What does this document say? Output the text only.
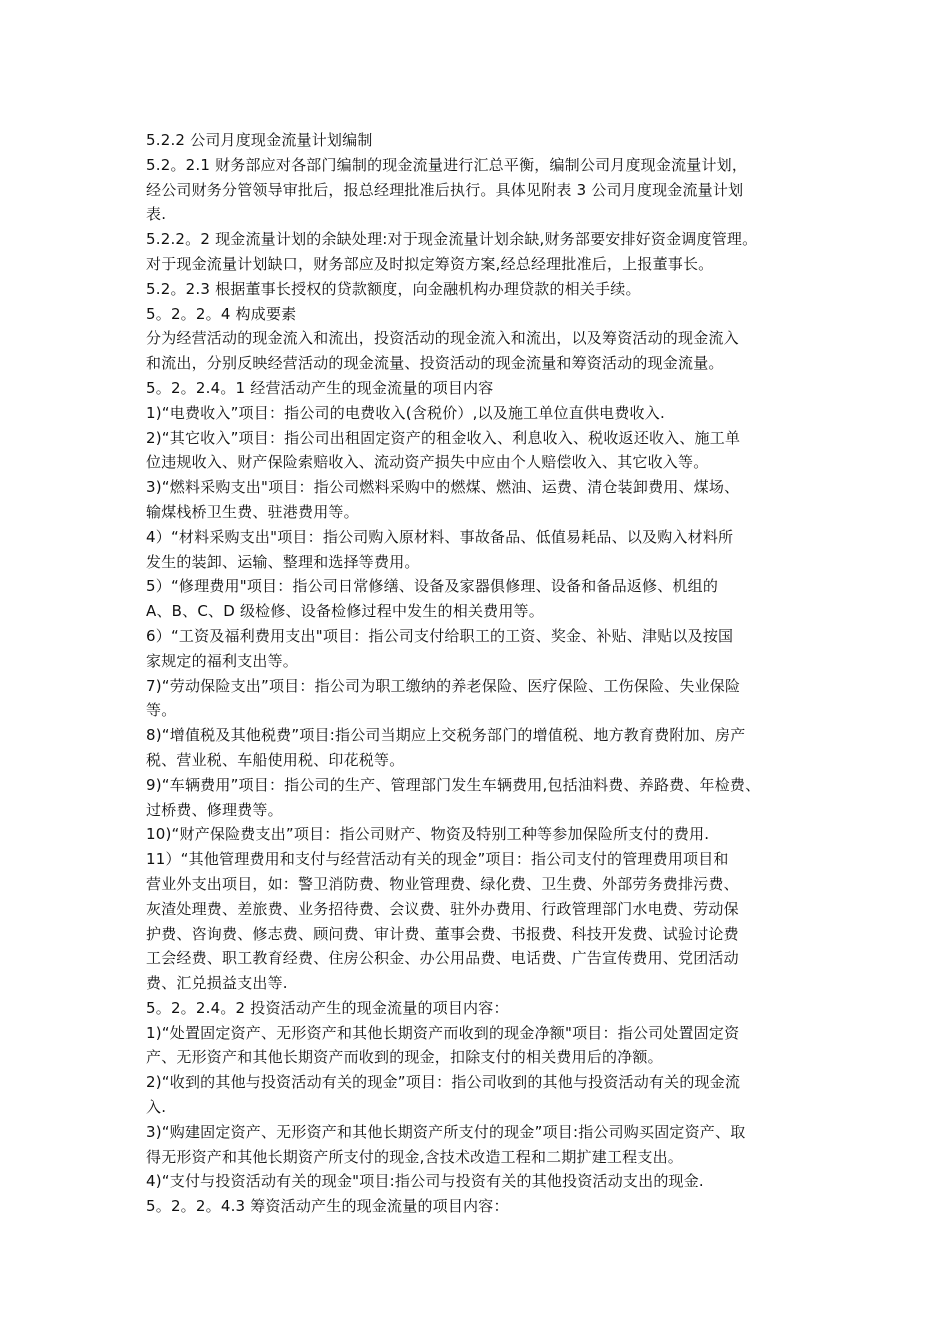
5.2.2 公司月度现金流量计划编制
5.2。2.1 财务部应对各部门编制的现金流量进行汇总平衡，编制公司月度现金流量计划，
经公司财务分管领导审批后，报总经理批准后执行。具体见附表 3 公司月度现金流量计划
表.
5.2.2。2 现金流量计划的余缺处理:对于现金流量计划余缺,财务部要安排好资金调度管理。
对于现金流量计划缺口，财务部应及时拟定筹资方案,经总经理批准后，上报董事长。
5.2。2.3 根据董事长授权的贷款额度，向金融机构办理贷款的相关手续。
5。2。2。4 构成要素
分为经营活动的现金流入和流出，投资活动的现金流入和流出，以及筹资活动的现金流入
和流出，分别反映经营活动的现金流量、投资活动的现金流量和筹资活动的现金流量。
5。2。2.4。1 经营活动产生的现金流量的项目内容
1)“电费收入”项目：指公司的电费收入(含税价）,以及施工单位直供电费收入.
2)“其它收入”项目：指公司出租固定资产的租金收入、利息收入、税收返还收入、施工单
位违规收入、财产保险索赔收入、流动资产损失中应由个人赔偿收入、其它收入等。
3)“燃料采购支出"项目：指公司燃料采购中的燃煤、燃油、运费、清仓装卸费用、煤场、
输煤栈桥卫生费、驻港费用等。
4）“材料采购支出"项目：指公司购入原材料、事故备品、低值易耗品、以及购入材料所
发生的装卸、运输、整理和选择等费用。
5）“修理费用"项目：指公司日常修缮、设备及家器俱修理、设备和备品返修、机组的
A、B、C、D 级检修、设备检修过程中发生的相关费用等。
6）“工资及福利费用支出"项目：指公司支付给职工的工资、奖金、补贴、津贴以及按国
家规定的福利支出等。
7)“劳动保险支出”项目：指公司为职工缴纳的养老保险、医疗保险、工伤保险、失业保险
等。
8)“增值税及其他税费”项目:指公司当期应上交税务部门的增值税、地方教育费附加、房产
税、营业税、车船使用税、印花税等。
9)“车辆费用”项目：指公司的生产、管理部门发生车辆费用,包括油料费、养路费、年检费、
过桥费、修理费等。
10)“财产保险费支出”项目：指公司财产、物资及特别工种等参加保险所支付的费用.
11）“其他管理费用和支付与经营活动有关的现金”项目：指公司支付的管理费用项目和
营业外支出项目，如：警卫消防费、物业管理费、绿化费、卫生费、外部劳务费排污费、
灰渣处理费、差旅费、业务招待费、会议费、驻外办费用、行政管理部门水电费、劳动保
护费、咨询费、修志费、顾问费、审计费、董事会费、书报费、科技开发费、试验讨论费
工会经费、职工教育经费、住房公积金、办公用品费、电话费、广告宣传费用、党团活动
费、汇兑损益支出等.
5。2。2.4。2 投资活动产生的现金流量的项目内容：
1)“处置固定资产、无形资产和其他长期资产而收到的现金净额"项目：指公司处置固定资
产、无形资产和其他长期资产而收到的现金，扣除支付的相关费用后的净额。
2)“收到的其他与投资活动有关的现金”项目：指公司收到的其他与投资活动有关的现金流
入.
3)“购建固定资产、无形资产和其他长期资产所支付的现金”项目:指公司购买固定资产、取
得无形资产和其他长期资产所支付的现金,含技术改造工程和二期扩建工程支出。
4)“支付与投资活动有关的现金"项目:指公司与投资有关的其他投资活动支出的现金.
5。2。2。4.3 筹资活动产生的现金流量的项目内容：
